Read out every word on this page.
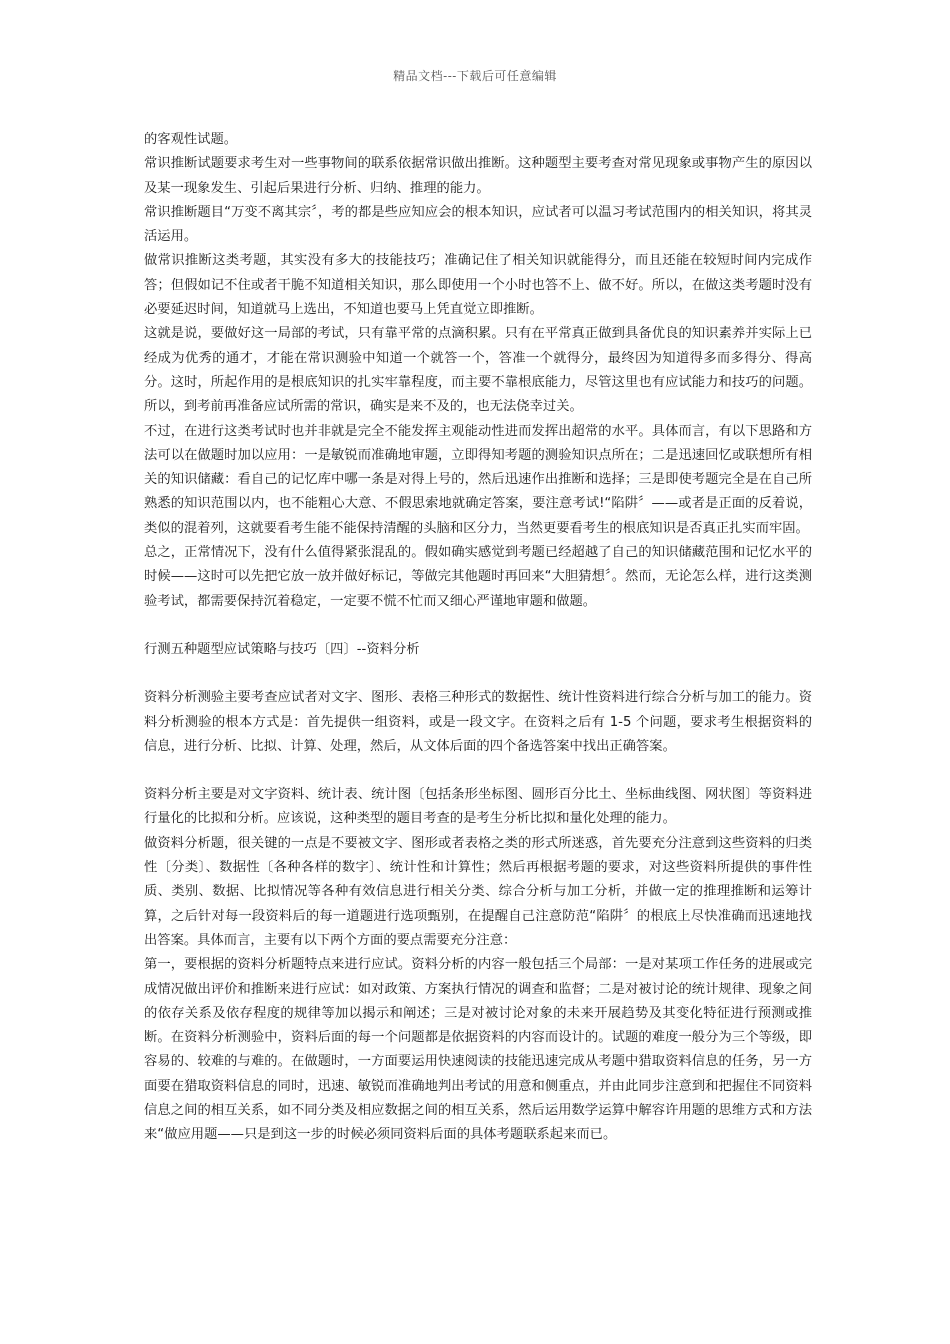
精品文档---下载后可任意编辑

的客观性试题。

常识推断试题要求考生对一些事物间的联系依据常识做出推断。这种题型主要考查对常见现象或事物产生的原因以及某一现象发生、引起后果进行分析、归纳、推理的能力。

常识推断题目“万变不离其宗〞，考的都是些应知应会的根本知识，应试者可以温习考试范围内的相关知识，将其灵活运用。

做常识推断这类考题，其实没有多大的技能技巧；准确记住了相关知识就能得分，而且还能在较短时间内完成作答；但假如记不住或者干脆不知道相关知识，那么即使用一个小时也答不上、做不好。所以，在做这类考题时没有必要延迟时间，知道就马上选出，不知道也要马上凭直觉立即推断。

这就是说，要做好这一局部的考试，只有靠平常的点滴积累。只有在平常真正做到具备优良的知识素养并实际上已经成为优秀的通才，才能在常识测验中知道一个就答一个，答准一个就得分，最终因为知道得多而多得分、得高分。这时，所起作用的是根底知识的扎实牢靠程度，而主要不靠根底能力，尽管这里也有应试能力和技巧的问题。所以，到考前再准备应试所需的常识，确实是来不及的，也无法侥幸过关。

不过，在进行这类考试时也并非就是完全不能发挥主观能动性进而发挥出超常的水平。具体而言，有以下思路和方法可以在做题时加以应用：一是敏锐而准确地审题，立即得知考题的测验知识点所在；二是迅速回忆或联想所有相关的知识储藏：看自己的记忆库中哪一条是对得上号的，然后迅速作出推断和选择；三是即使考题完全是在自己所熟悉的知识范围以内，也不能粗心大意、不假思索地就确定答案，要注意考试!“陷阱〞——或者是正面的反着说，类似的混着列，这就要看考生能不能保持清醒的头脑和区分力，当然更要看考生的根底知识是否真正扎实而牢固。

总之，正常情况下，没有什么值得紧张混乱的。假如确实感觉到考题已经超越了自己的知识储藏范围和记忆水平的时候——这时可以先把它放一放并做好标记，等做完其他题时再回来“大胆猜想〞。然而，无论怎么样，进行这类测验考试，都需要保持沉着稳定，一定要不慌不忙而又细心严谨地审题和做题。

行测五种题型应试策略与技巧〔四〕--资料分析

资料分析测验主要考查应试者对文字、图形、表格三种形式的数据性、统计性资料进行综合分析与加工的能力。资料分析测验的根本方式是：首先提供一组资料，或是一段文字。在资料之后有 1-5 个问题，要求考生根据资料的信息，进行分析、比拟、计算、处理，然后，从文体后面的四个备选答案中找出正确答案。

资料分析主要是对文字资料、统计表、统计图〔包括条形坐标图、圆形百分比土、坐标曲线图、网状图〕等资料进行量化的比拟和分析。应该说，这种类型的题目考查的是考生分析比拟和量化处理的能力。

做资料分析题，很关键的一点是不要被文字、图形或者表格之类的形式所迷惑，首先要充分注意到这些资料的归类性〔分类〕、数据性〔各种各样的数字〕、统计性和计算性；然后再根据考题的要求，对这些资料所提供的事件性质、类别、数据、比拟情况等各种有效信息进行相关分类、综合分析与加工分析，并做一定的推理推断和运筹计算，之后针对每一段资料后的每一道题进行选项甄别，在提醒自己注意防范“陷阱〞的根底上尽快准确而迅速地找出答案。具体而言，主要有以下两个方面的要点需要充分注意：

第一，要根据的资料分析题特点来进行应试。资料分析的内容一般包括三个局部：一是对某项工作任务的进展或完成情况做出评价和推断来进行应试：如对政策、方案执行情况的调查和监督；二是对被讨论的统计规律、现象之间的依存关系及依存程度的规律等加以揭示和阐述；三是对被讨论对象的未来开展趋势及其变化特征进行预测或推断。在资料分析测验中，资料后面的每一个问题都是依据资料的内容而设计的。试题的难度一般分为三个等级，即容易的、较难的与难的。在做题时，一方面要运用快速阅读的技能迅速完成从考题中猎取资料信息的任务，另一方面要在猎取资料信息的同时，迅速、敏锐而准确地判出考试的用意和侧重点，并由此同步注意到和把握住不同资料信息之间的相互关系，如不同分类及相应数据之间的相互关系，然后运用数学运算中解容许用题的思维方式和方法来“做应用题——只是到这一步的时候必须同资料后面的具体考题联系起来而已。
